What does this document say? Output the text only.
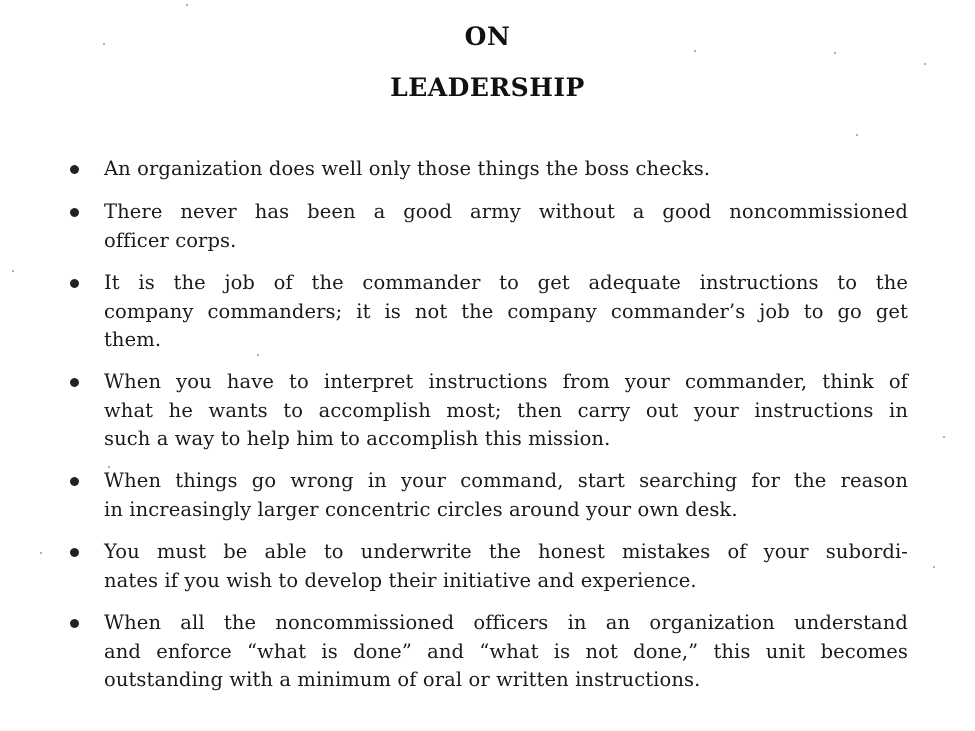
ON
LEADERSHIP
An organization does well only those things the boss checks.
There never has been a good army without a good noncommissioned
officer corps.
It is the job of the commander to get adequate instructions to the
company commanders; it is not the company commander’s job to go get
them.
When you have to interpret instructions from your commander, think of
what he wants to accomplish most; then carry out your instructions in
such a way to help him to accomplish this mission.
When things go wrong in your command, start searching for the reason
in increasingly larger concentric circles around your own desk.
You must be able to underwrite the honest mistakes of your subordi-
nates if you wish to develop their initiative and experience.
When all the noncommissioned officers in an organization understand
and enforce “what is done” and “what is not done,” this unit becomes
outstanding with a minimum of oral or written instructions.
